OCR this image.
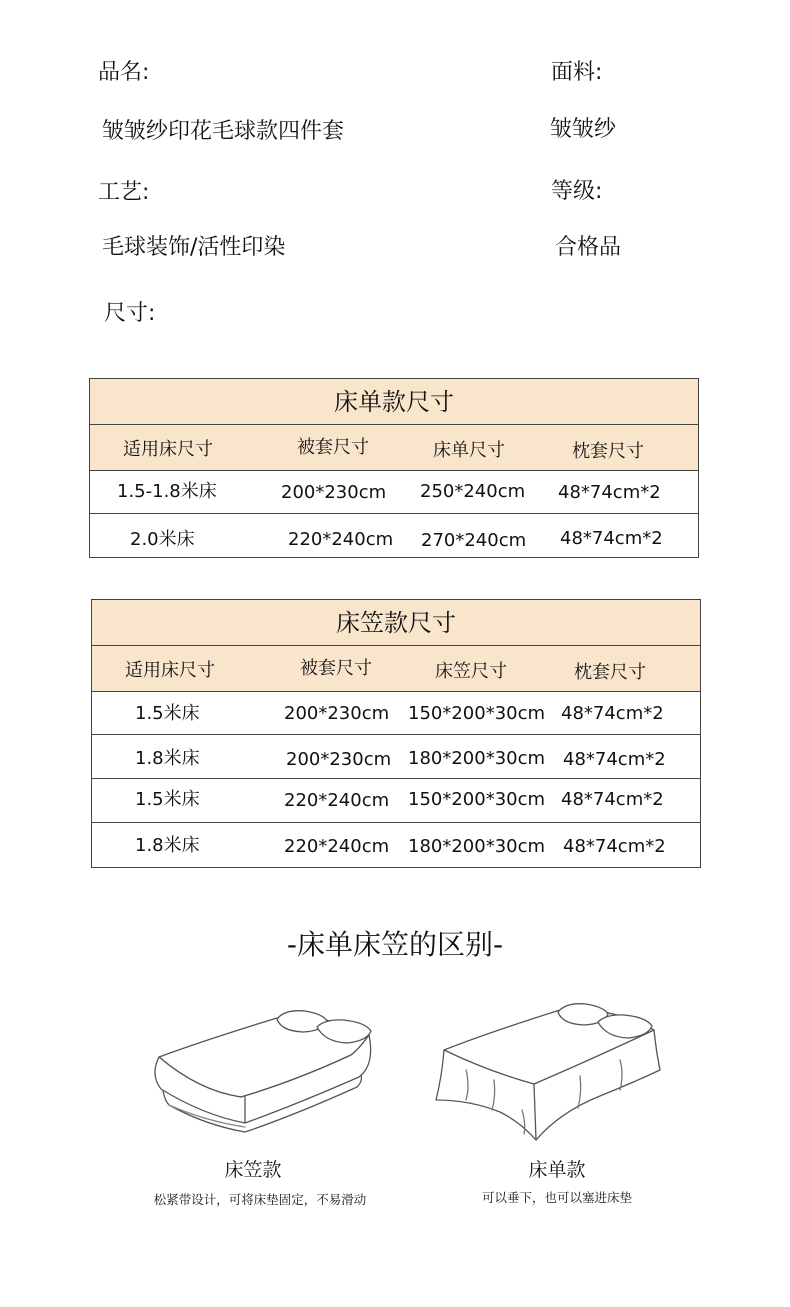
品名:
皱皱纱印花毛球款四件套
面料:
皱皱纱
工艺:
毛球装饰/活性印染
等级:
合格品
尺寸:
床单款尺寸
适用床尺寸	被套尺寸	床单尺寸	枕套尺寸
1.5-1.8米床	200*230cm 250*240cm 48*74cm*2
2.0米床	220*240cm 270*240cm 48*74cm*2
床笠款尺寸
适用床尺寸	被套尺寸	床笠尺寸	枕套尺寸
1.5米床	200*230cm 150*200*30cm 48*74cm*2
1.8米床	200*230cm 180*200*30cm 48*74cm*2
1.5米床	220*240cm 150*200*30cm 48*74cm*2
1.8米床	220*240cm 180*200*30cm 48*74cm*2
-床单床笠的区别-
床笠款
松紧带设计，可将床垫固定，不易滑动
床单款
可以垂下，也可以塞进床垫
